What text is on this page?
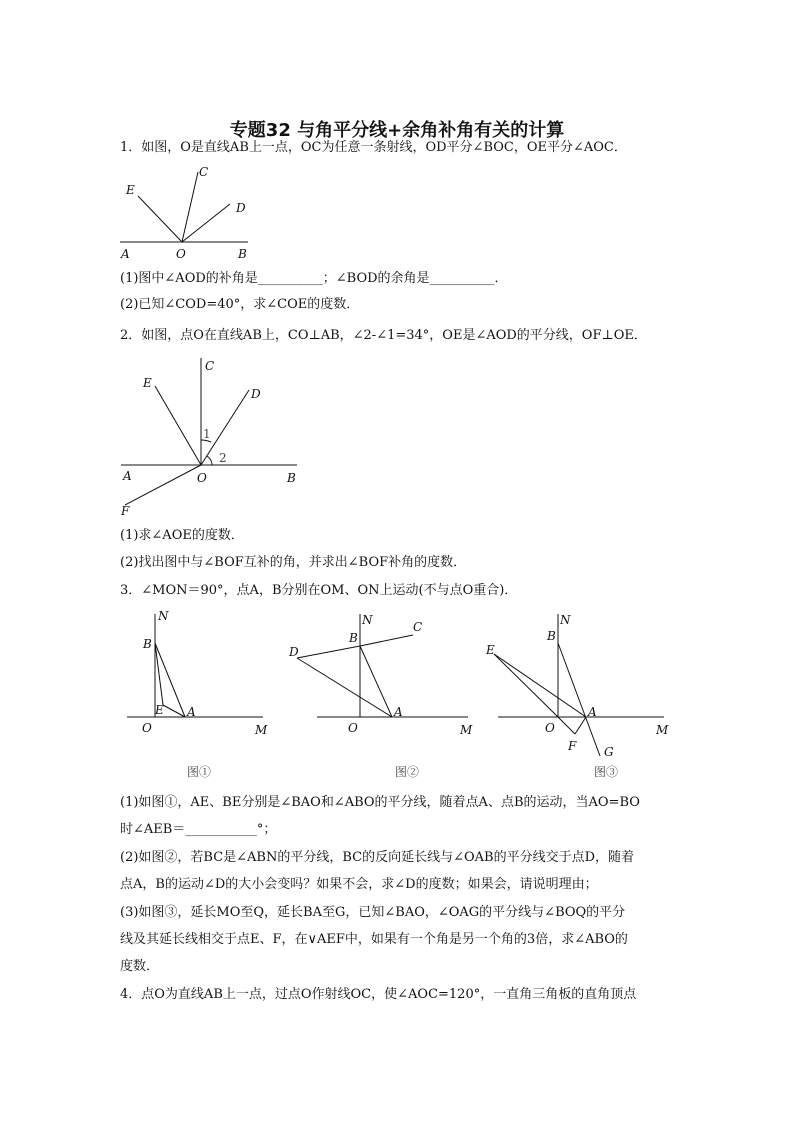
专题32 与角平分线+余角补角有关的计算
1．如图，O是直线AB上一点，OC为任意一条射线，OD平分∠BOC，OE平分∠AOC．
E
C
D
A	O	B
(1)图中∠AOD的补角是__________；∠BOD的余角是__________．
(2)已知∠COD=40°，求∠COE的度数．
2．如图，点O在直线AB上，CO⊥AB，∠2-∠1=34°，OE是∠AOD的平分线，OF⊥OE．
E
C
D
1
2
A	O	B
F
(1)求∠AOE的度数．
(2)找出图中与∠BOF互补的角，并求出∠BOF补角的度数．
3．∠MON＝90°，点A，B分别在OM、ON上运动(不与点O重合)．
N
B
E A
O	M
图①
N	C
B
D
A
O	M
图②
N
B
E
A
O	M
F G
图③
(1)如图①，AE、BE分别是∠BAO和∠ABO的平分线，随着点A、点B的运动，当AO=BO
时∠AEB＝___________°；
(2)如图②，若BC是∠ABN的平分线，BC的反向延长线与∠OAB的平分线交于点D，随着
点A，B的运动∠D的大小会变吗？如果不会，求∠D的度数；如果会，请说明理由；
(3)如图③，延长MO至Q，延长BA至G，已知∠BAO，∠OAG的平分线与∠BOQ的平分
线及其延长线相交于点E、F，在∨AEF中，如果有一个角是另一个角的3倍，求∠ABO的
度数．
4．点O为直线AB上一点，过点O作射线OC，使∠AOC=120°，一直角三角板的直角顶点
